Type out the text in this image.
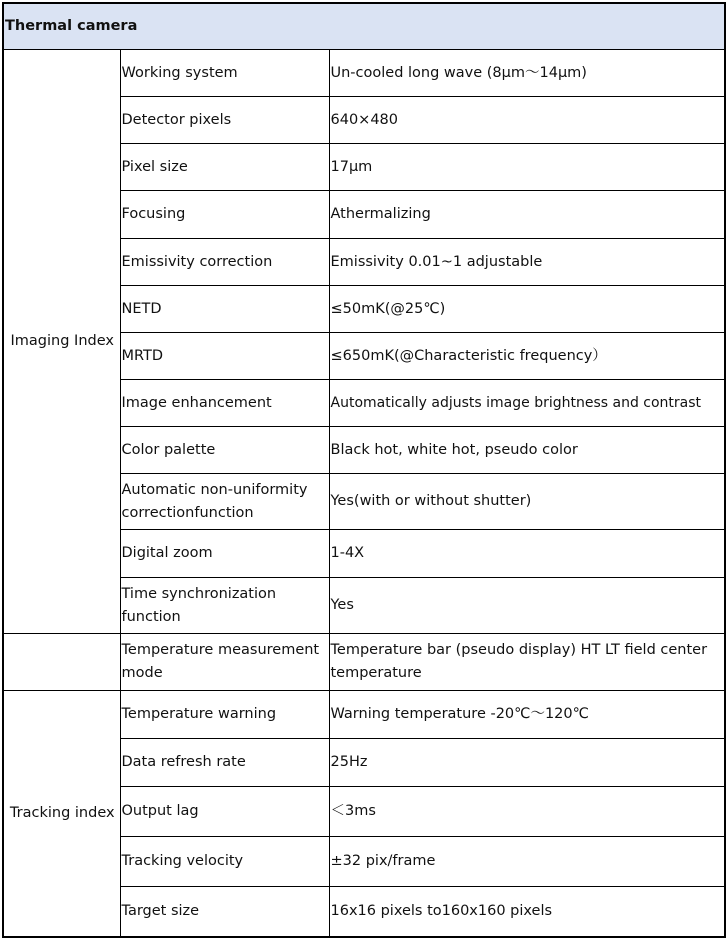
Thermal camera		
Imaging Index	Working system	Un-cooled long wave (8μm～14μm)
	Detector pixels	640×480
	Pixel size	17μm
	Focusing	Athermalizing
	Emissivity correction	Emissivity 0.01~1 adjustable
	NETD	≤50mK(@25℃)
	MRTD	≤650mK(@Characteristic frequency）
	Image enhancement	Automatically adjusts image brightness and contrast
	Color palette	Black hot, white hot, pseudo color
	Automatic non-uniformity correctionfunction	Yes(with or without shutter)
	Digital zoom	1-4X
	Time synchronization function	Yes
	Temperature measurement mode	Temperature bar (pseudo display) HT LT field center temperature
Tracking index	Temperature warning	Warning temperature -20℃～120℃
	Data refresh rate	25Hz
	Output lag	＜3ms
	Tracking velocity	±32 pix/frame
	Target size	16x16 pixels to160x160 pixels
